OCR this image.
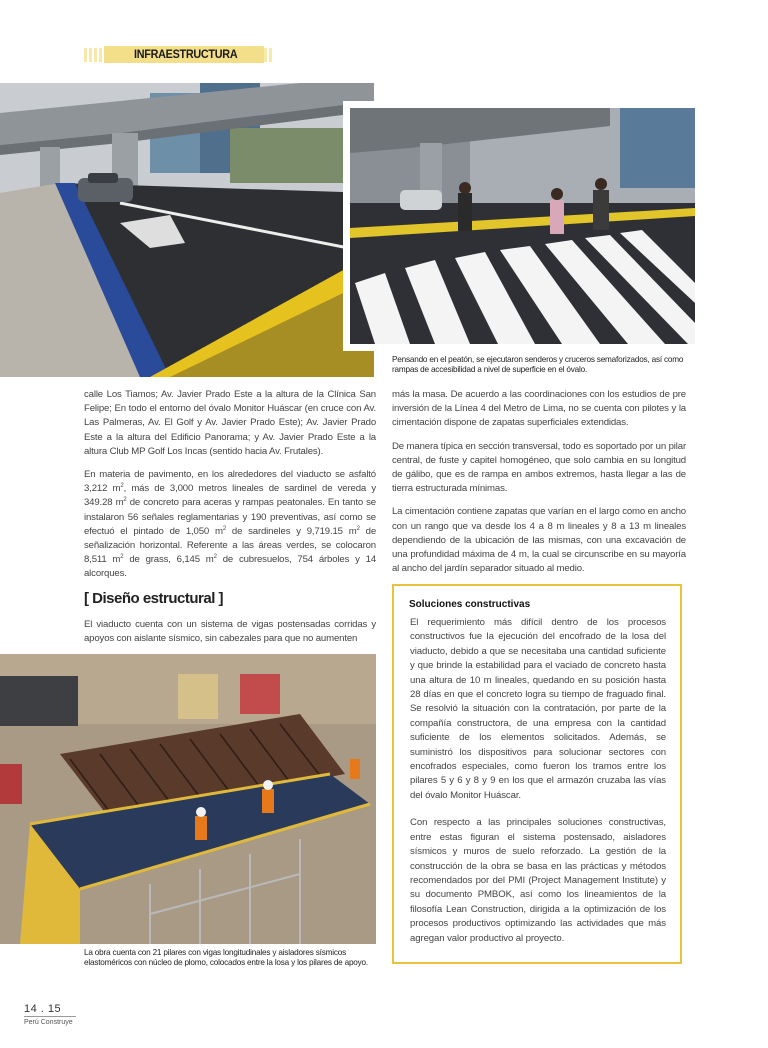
INFRAESTRUCTURA
Pensando en el peatón, se ejecutaron senderos y cruceros semaforizados, así como rampas de accesibilidad a nivel de superficie en el óvalo.

calle Los Tiamos; Av. Javier Prado Este a la altura de la Clínica San Felipe; En todo el entorno del óvalo Monitor Huáscar (en cruce con Av. Las Palmeras, Av. El Golf y Av. Javier Prado Este); Av. Javier Prado Este a la altura del Edificio Panorama; y Av. Javier Prado Este a la altura Club MP Golf Los Incas (sentido hacia Av. Frutales).

En materia de pavimento, en los alrededores del viaducto se asfaltó 3,212 $m^2$, más de 3,000 metros lineales de sardinel de vereda y 349.28 $m^2$ de concreto para aceras y rampas peatonales. En tanto se instalaron 56 señales reglamentarias y 190 preventivas, así como se efectuó el pintado de 1,050 $m^2$ de sardineles y 9,719.15 $m^2$ de señalización horizontal. Referente a las áreas verdes, se colocaron 8,511 $m^2$ de grass, 6,145 $m^2$ de cubresuelos, 754 árboles y 14 alcorques.

[ Diseño estructural ]
El viaducto cuenta con un sistema de vigas postensadas corridas y apoyos con aislante sísmico, sin cabezales para que no aumenten
La obra cuenta con 21 pilares con vigas longitudinales y aisladores sísmicos elastoméricos con núcleo de plomo, colocados entre la losa y los pilares de apoyo.

más la masa. De acuerdo a las coordinaciones con los estudios de pre inversión de la Línea 4 del Metro de Lima, no se cuenta con pilotes y la cimentación dispone de zapatas superficiales extendidas.

De manera típica en sección transversal, todo es soportado por un pilar central, de fuste y capitel homogéneo, que solo cambia en su longitud de gálibo, que es de rampa en ambos extremos, hasta llegar a las de tierra estructurada mínimas.

La cimentación contiene zapatas que varían en el largo como en ancho con un rango que va desde los 4 a 8 m lineales y 8 a 13 m lineales dependiendo de la ubicación de las mismas, con una excavación de una profundidad máxima de 4 m, la cual se circunscribe en su mayoría al ancho del jardín separador situado al medio.

Soluciones constructivas

El requerimiento más difícil dentro de los procesos constructivos fue la ejecución del encofrado de la losa del viaducto, debido a que se necesitaba una cantidad suficiente y que brinde la estabilidad para el vaciado de concreto hasta una altura de 10 m lineales, quedando en su posición hasta 28 días en que el concreto logra su tiempo de fraguado final. Se resolvió la situación con la contratación, por parte de la compañía constructora, de una empresa con la cantidad suficiente de los elementos solicitados. Además, se suministró los dispositivos para solucionar sectores con encofrados especiales, como fueron los tramos entre los pilares 5 y 6 y 8 y 9 en los que el armazón cruzaba las vías del óvalo Monitor Huáscar.

Con respecto a las principales soluciones constructivas, entre estas figuran el sistema postensado, aisladores sísmicos y muros de suelo reforzado. La gestión de la construcción de la obra se basa en las prácticas y métodos recomendados por del PMI (Project Management Institute) y su documento PMBOK, así como los lineamientos de la filosofía Lean Construction, dirigida a la optimización de los procesos productivos optimizando las actividades que más agregan valor productivo al proyecto.

14 . 15
Perú Construye
